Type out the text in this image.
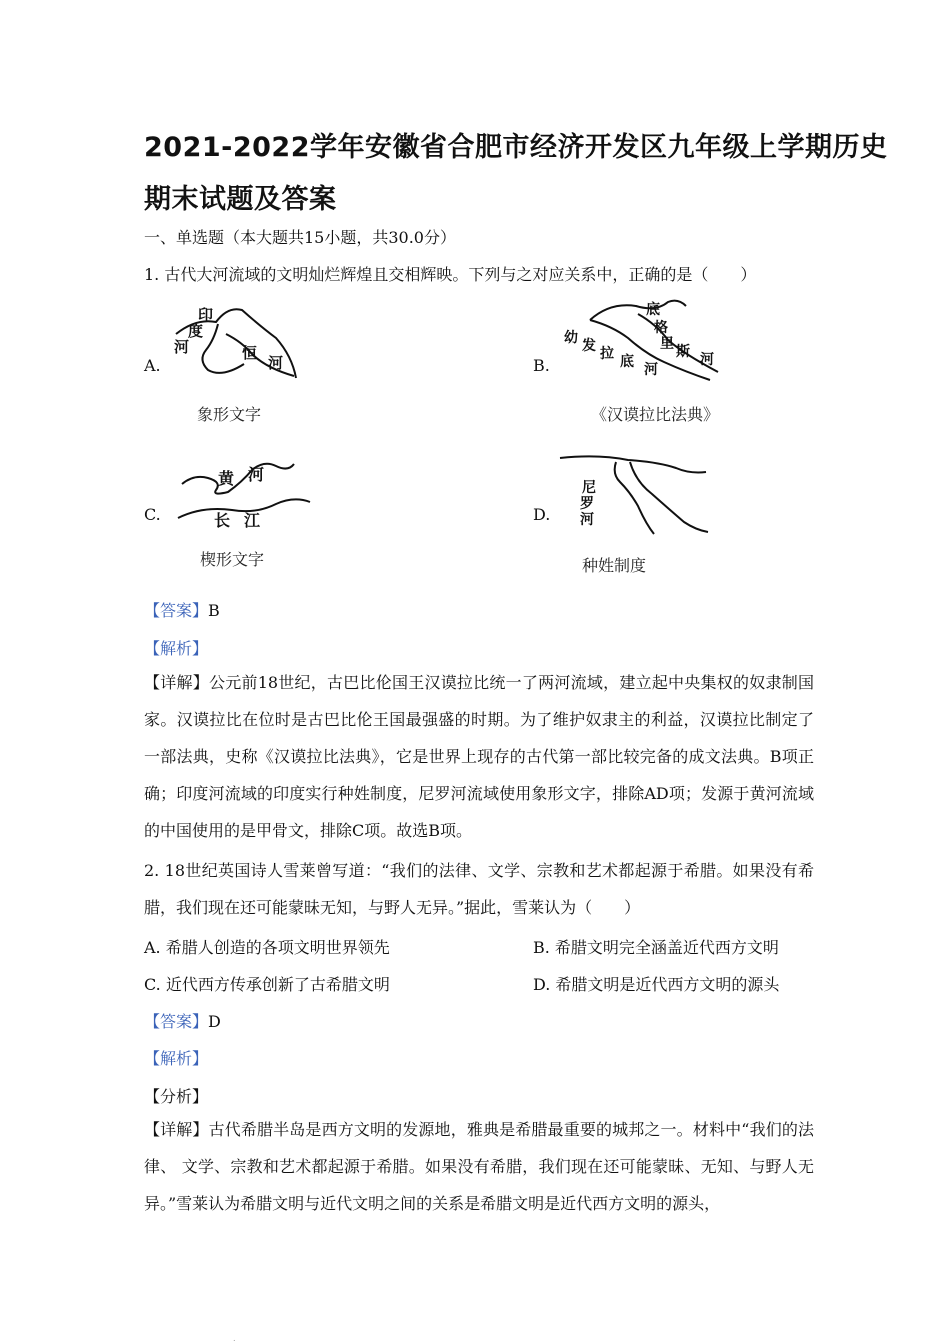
2021-2022学年安徽省合肥市经济开发区九年级上学期历史
期末试题及答案
一、单选题（本大题共15小题，共30.0分）
1. 古代大河流域的文明灿烂辉煌且交相辉映。下列与之对应关系中，正确的是（　　）
A.
印
度
河	恒
河
象形文字
B.
幼 发 拉 底 河
底
格
里 斯 河
《汉谟拉比法典》
C.
黄 河
长 江
楔形文字
D.
尼
罗
河
种姓制度
【答案】B
【解析】
【详解】公元前18世纪，古巴比伦国王汉谟拉比统一了两河流域，建立起中央集权的奴隶制国家。汉谟拉比在位时是古巴比伦王国最强盛的时期。为了维护奴隶主的利益，汉谟拉比制定了一部法典，史称《汉谟拉比法典》，它是世界上现存的古代第一部比较完备的成文法典。B项正确；印度河流域的印度实行种姓制度，尼罗河流域使用象形文字，排除AD项；发源于黄河流域的中国使用的是甲骨文，排除C项。故选B项。
2. 18世纪英国诗人雪莱曾写道：“我们的法律、文学、宗教和艺术都起源于希腊。如果没有希腊，我们现在还可能蒙昧无知，与野人无异。”据此，雪莱认为（　　）
A. 希腊人创造的各项文明世界领先	B. 希腊文明完全涵盖近代西方文明
C. 近代西方传承创新了古希腊文明	D. 希腊文明是近代西方文明的源头
【答案】D
【解析】
【分析】
【详解】古代希腊半岛是西方文明的发源地，雅典是希腊最重要的城邦之一。材料中“我们的法律、 文学、宗教和艺术都起源于希腊。如果没有希腊，我们现在还可能蒙昧、无知、与野人无异。”雪莱认为希腊文明与近代文明之间的关系是希腊文明是近代西方文明的源头，
.
